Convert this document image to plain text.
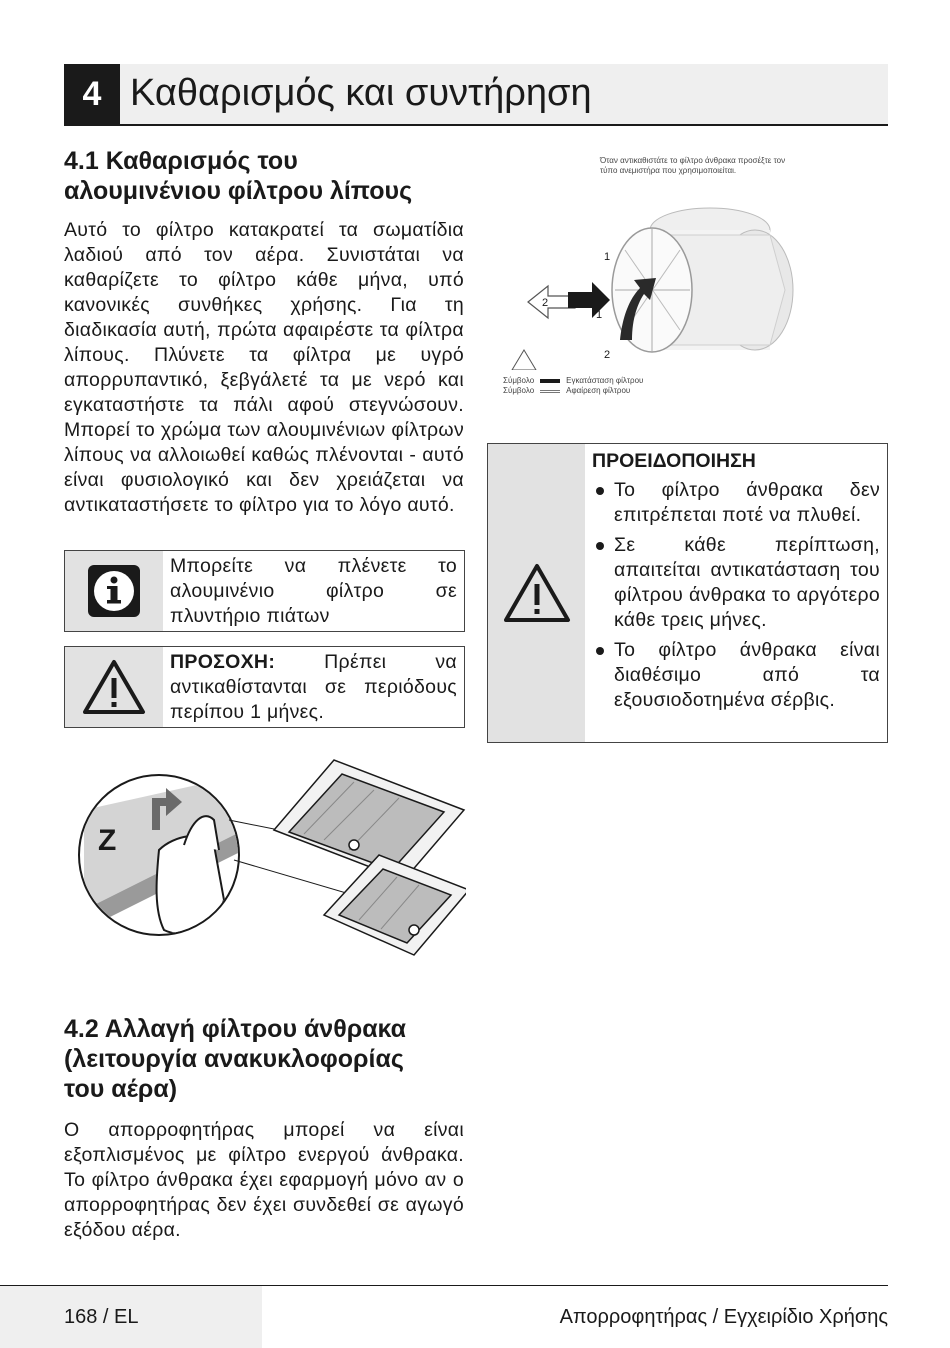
4 Καθαρισμός και συντήρηση
4.1 Καθαρισμός του
αλουμινένιου φίλτρου λίπους

Αυτό το φίλτρο κατακρατεί τα σωματίδια λαδιού από τον αέρα. Συνιστάται να καθαρίζετε το φίλτρο κάθε μήνα, υπό κανονικές συνθήκες χρήσης. Για τη διαδικασία αυτή, πρώτα αφαιρέστε τα φίλτρα λίπους. Πλύνετε τα φίλτρα με υγρό απορρυπαντικό, ξεβγάλετέ τα με νερό και εγκαταστήστε τα πάλι αφού στεγνώσουν. Μπορεί το χρώμα των αλουμινένιων φίλτρων λίπους να αλλοιωθεί καθώς πλένονται - αυτό είναι φυσιολογικό και δεν χρειάζεται να αντικαταστήσετε το φίλτρο για το λόγο αυτό.

Μπορείτε να πλένετε το αλουμινένιο φίλτρο σε πλυντήριο πιάτων
ΠΡΟΣΟΧΗ:	Πρέπει να αντικαθίστανται σε περιόδους περίπου 1 μήνες.
Z
4.2 Αλλαγή φίλτρου άνθρακα
(λειτουργία ανακυκλοφορίας
του αέρα)

Ο απορροφητήρας μπορεί να είναι εξοπλισμένος με φίλτρο ενεργού άνθρακα. Το φίλτρο άνθρακα έχει εφαρμογή μόνο αν ο απορροφητήρας δεν έχει συνδεθεί σε αγωγό εξόδου αέρα.

Όταν αντικαθιστάτε το φίλτρο άνθρακα προσέξτε τον
τύπο ανεμιστήρα που χρησιμοποιείται.
1
1
2
2
Σύμβολο	Εγκατάσταση φίλτρου
Σύμβολο	Αφαίρεση φίλτρου
ΠΡΟΕΙΔΟΠΟΙΗΣΗ
Το φίλτρο άνθρακα δεν επιτρέπεται ποτέ να πλυθεί.
Σε κάθε περίπτωση, απαιτείται αντικατάσταση του φίλτρου άνθρακα το αργότερο κάθε τρεις μήνες.
Το φίλτρο άνθρακα είναι διαθέσιμο από τα εξουσιοδοτημένα σέρβις.
168 / EL	Απορροφητήρας / Εγχειρίδιο Χρήσης
